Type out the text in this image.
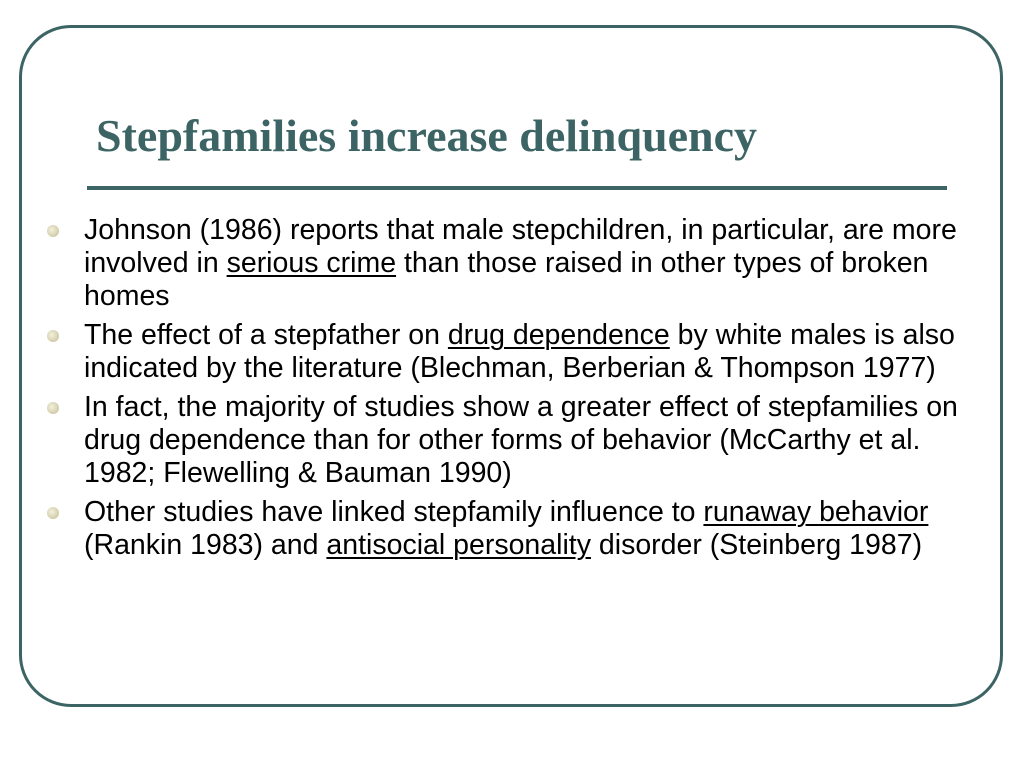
Stepfamilies increase delinquency
Johnson (1986) reports that male stepchildren, in particular, are more involved in serious crime than those raised in other types of broken homes
The effect of a stepfather on drug dependence by white males is also indicated by the literature (Blechman, Berberian & Thompson 1977)
In fact, the majority of studies show a greater effect of stepfamilies on drug dependence than for other forms of behavior (McCarthy et al. 1982; Flewelling & Bauman 1990)
Other studies have linked stepfamily influence to runaway behavior (Rankin 1983) and antisocial personality disorder (Steinberg 1987)
